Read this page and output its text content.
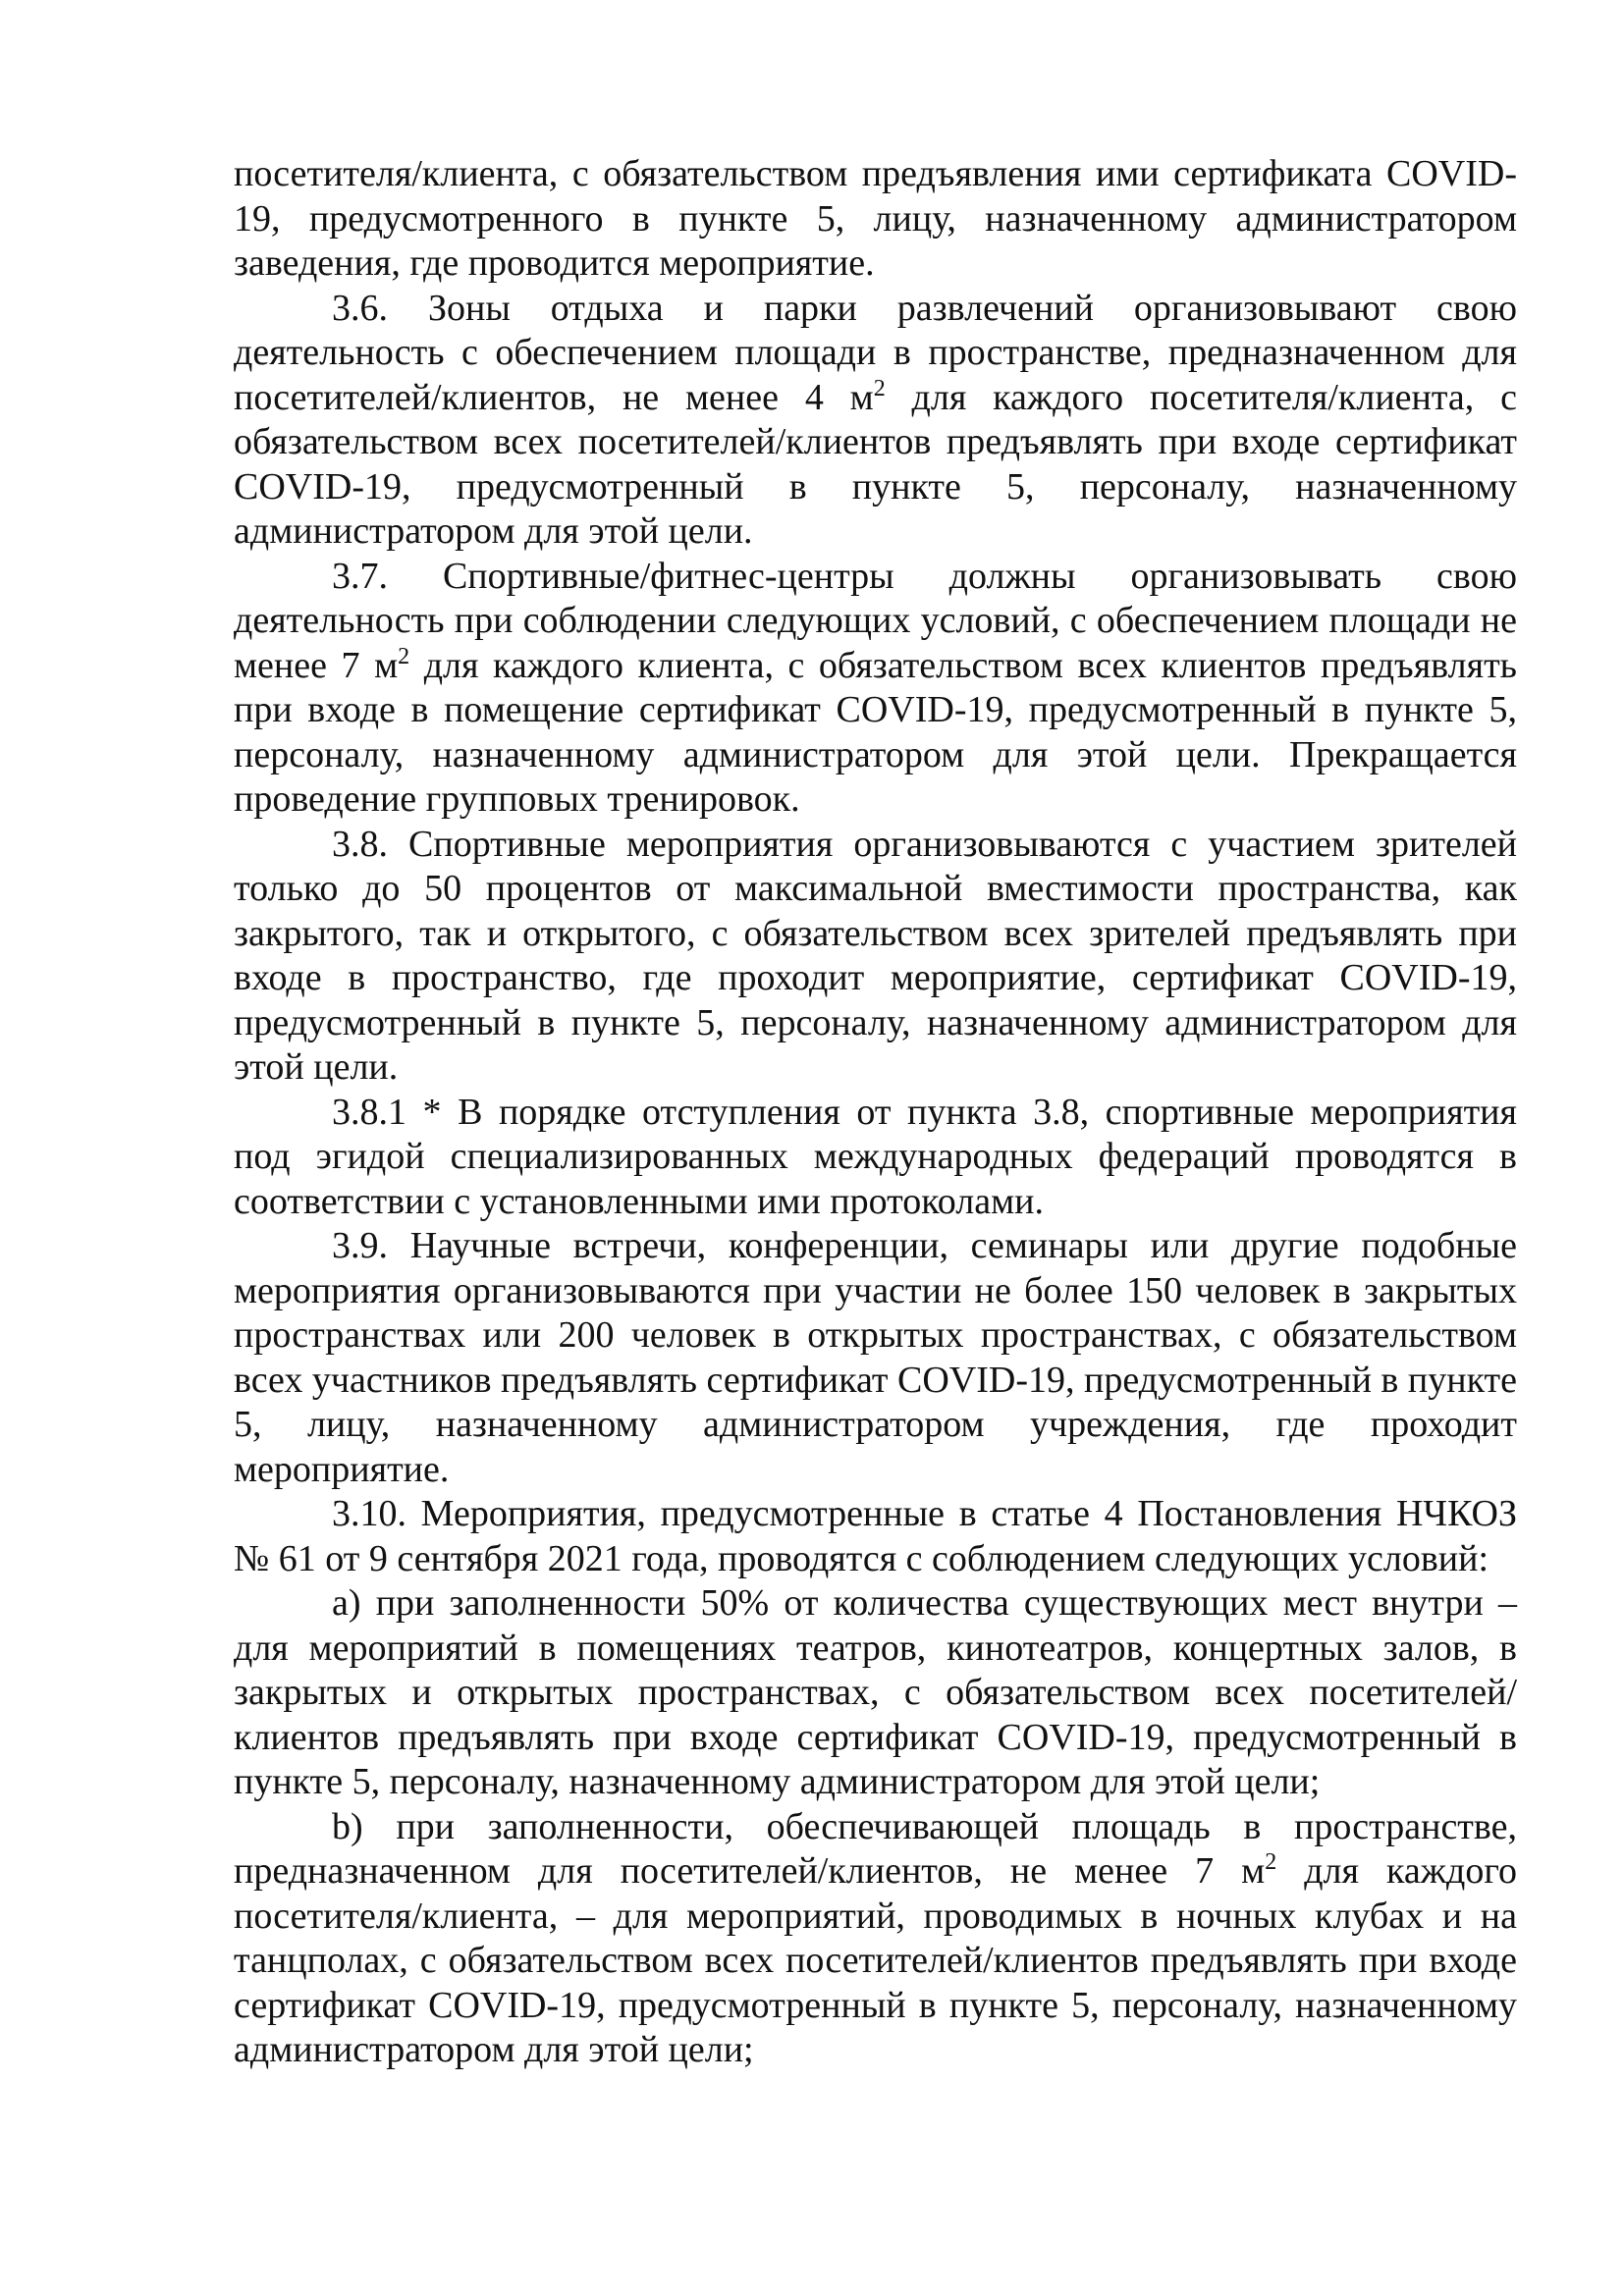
посетителя/клиента, с обязательством предъявления ими сертификата COVID-19, предусмотренного в пункте 5, лицу, назначенному администратором заведения, где проводится мероприятие.

3.6. Зоны отдыха и парки развлечений организовывают свою деятельность с обеспечением площади в пространстве, предназначенном для посетителей/клиентов, не менее 4 $м^2$ для каждого посетителя/клиента, с обязательством всех посетителей/клиентов предъявлять при входе сертификат COVID-19, предусмотренный в пункте 5, персоналу, назначенному администратором для этой цели.

3.7. Спортивные/фитнес-центры должны организовывать свою деятельность при соблюдении следующих условий, с обеспечением площади не менее 7 $м^2$ для каждого клиента, с обязательством всех клиентов предъявлять при входе в помещение сертификат COVID-19, предусмотренный в пункте 5, персоналу, назначенному администратором для этой цели. Прекращается проведение групповых тренировок.

3.8. Спортивные мероприятия организовываются с участием зрителей только до 50 процентов от максимальной вместимости пространства, как закрытого, так и открытого, с обязательством всех зрителей предъявлять при входе в пространство, где проходит мероприятие, сертификат COVID-19, предусмотренный в пункте 5, персоналу, назначенному администратором для этой цели.

3.8.1 * В порядке отступления от пункта 3.8, спортивные мероприятия под эгидой специализированных международных федераций проводятся в соответствии с установленными ими протоколами.

3.9. Научные встречи, конференции, семинары или другие подобные мероприятия организовываются при участии не более 150 человек в закрытых пространствах или 200 человек в открытых пространствах, с обязательством всех участников предъявлять сертификат COVID-19, предусмотренный в пункте 5, лицу, назначенному администратором учреждения, где проходит мероприятие.

3.10. Мероприятия, предусмотренные в статье 4 Постановления НЧКОЗ № 61 от 9 сентября 2021 года, проводятся с соблюдением следующих условий:

а) при заполненности 50% от количества существующих мест внутри – для мероприятий в помещениях театров, кинотеатров, концертных залов, в закрытых и открытых пространствах, с обязательством всех посетителей/клиентов предъявлять при входе сертификат COVID-19, предусмотренный в пункте 5, персоналу, назначенному администратором для этой цели;

b) при заполненности, обеспечивающей площадь в пространстве, предназначенном для посетителей/клиентов, не менее 7 $м^2$ для каждого посетителя/клиента, – для мероприятий, проводимых в ночных клубах и на танцполах, с обязательством всех посетителей/клиентов предъявлять при входе сертификат COVID-19, предусмотренный в пункте 5, персоналу, назначенному администратором для этой цели;
